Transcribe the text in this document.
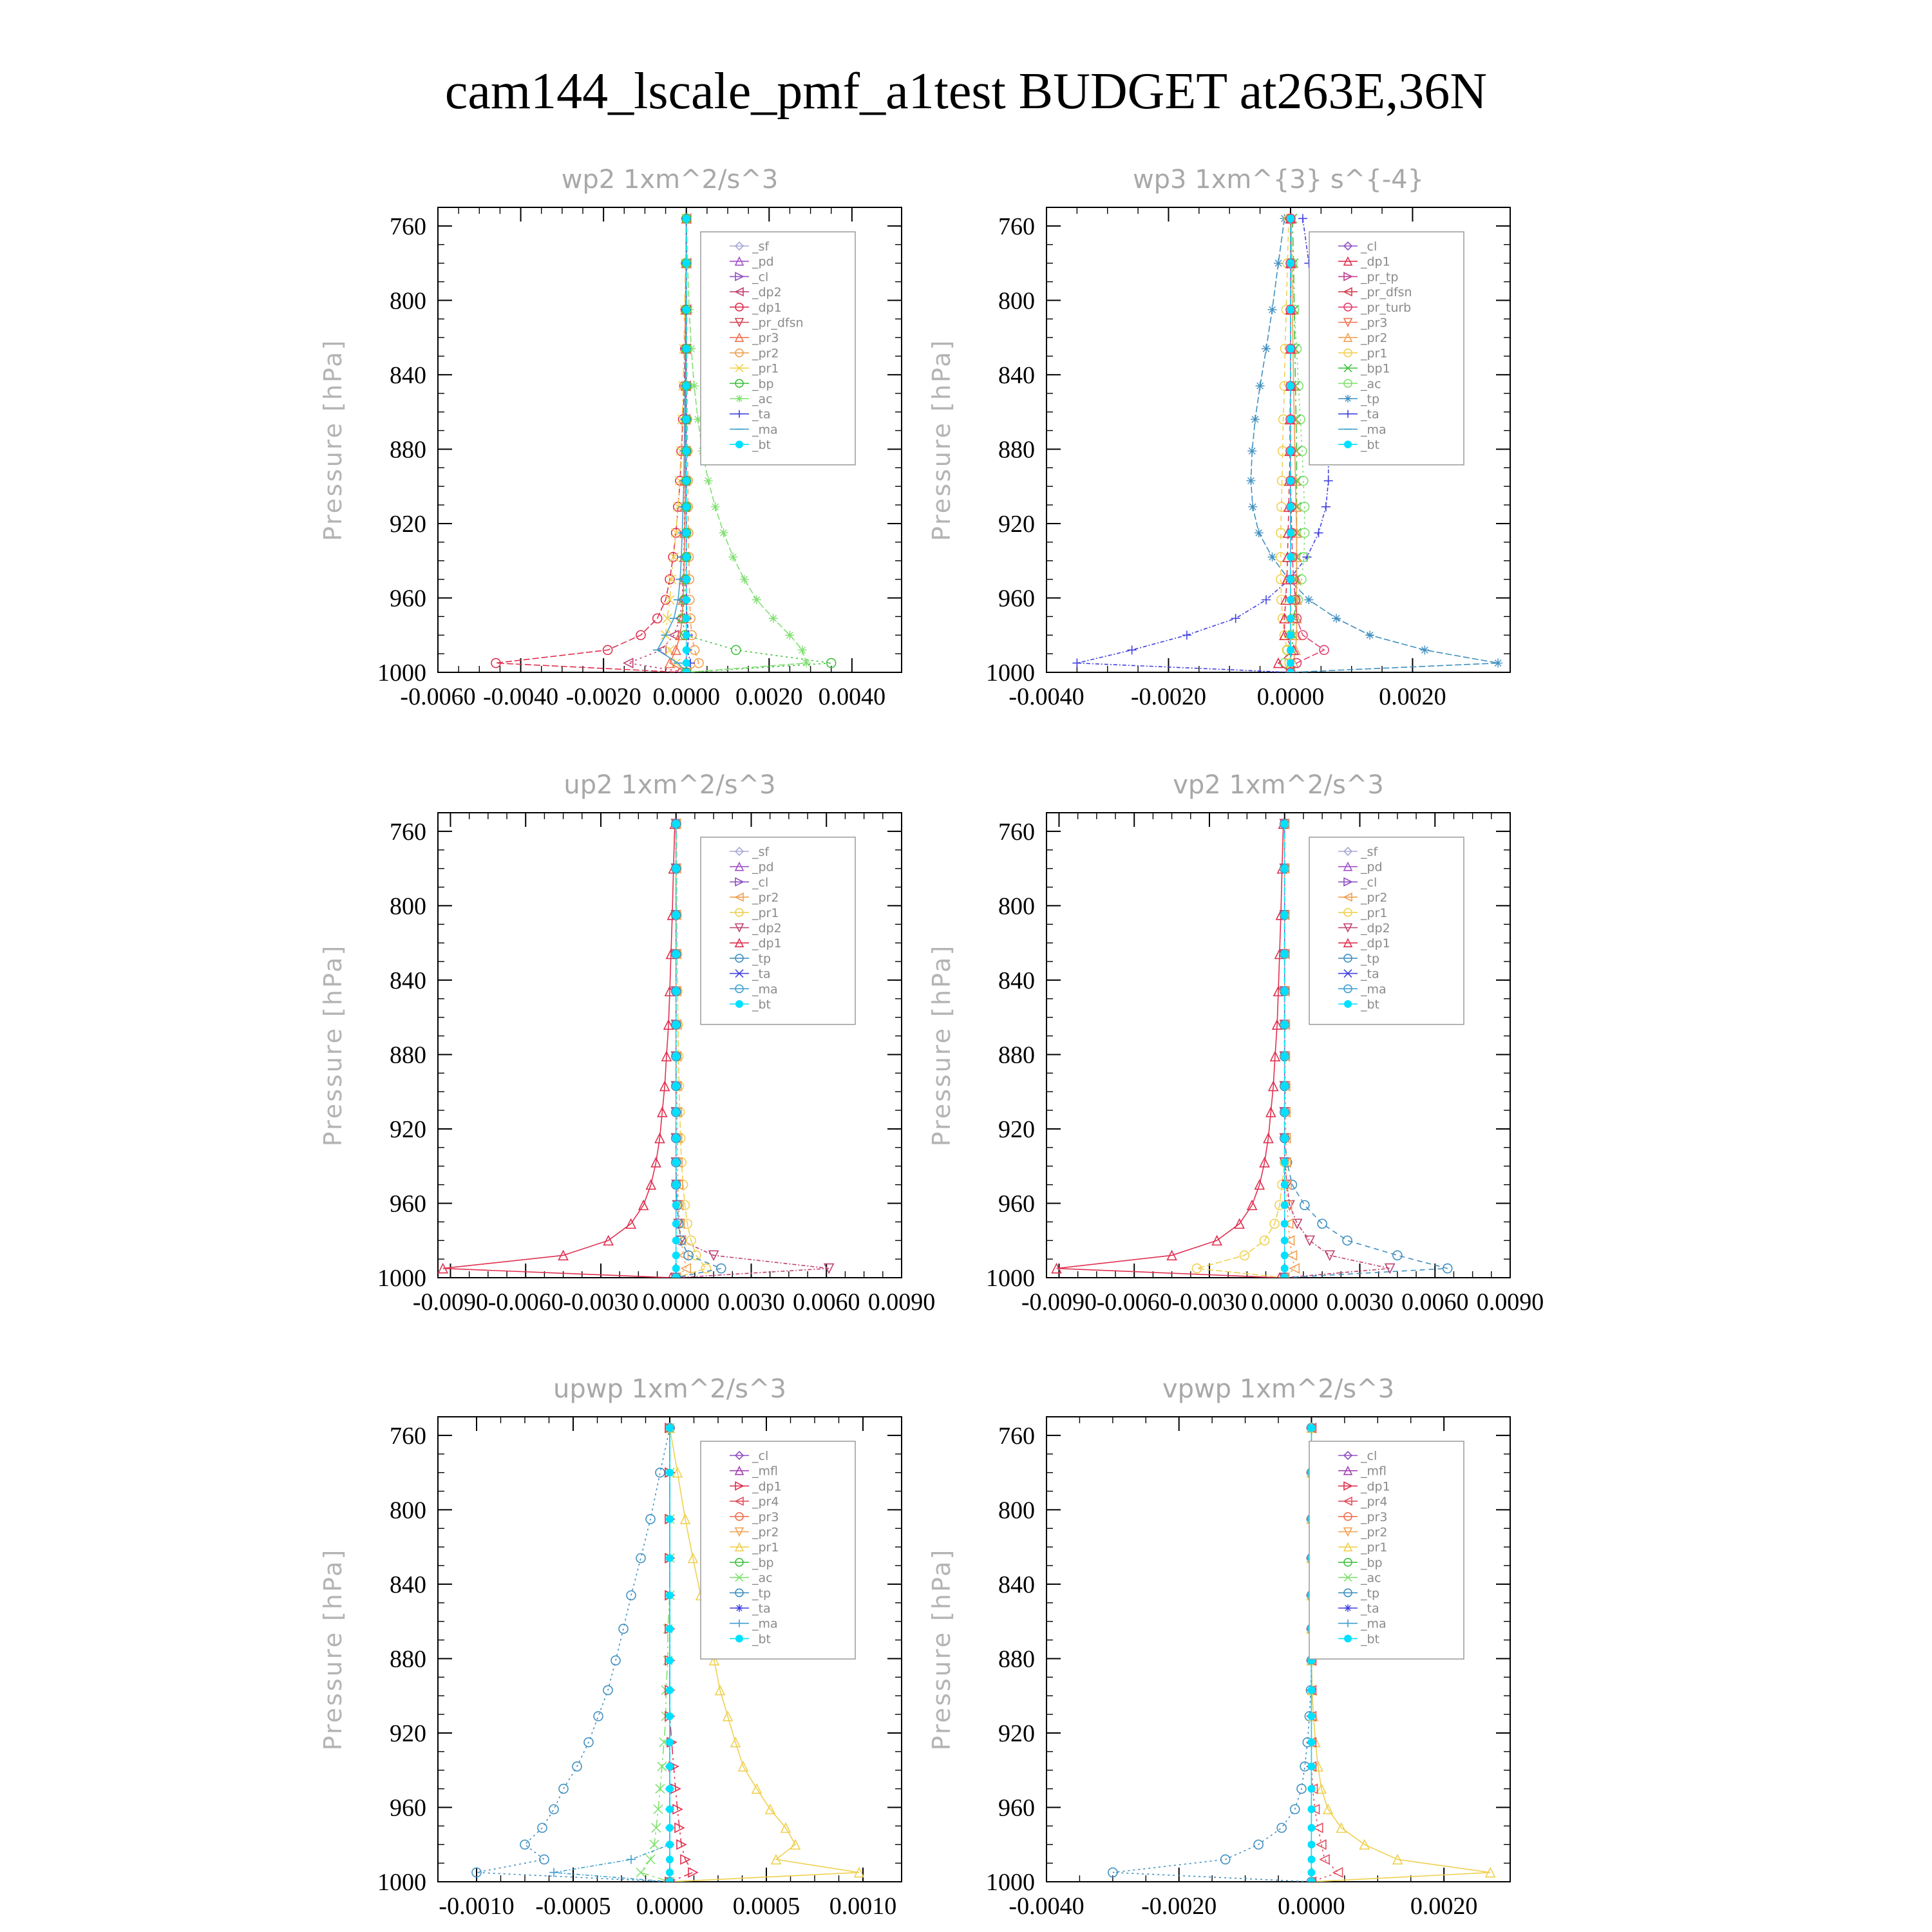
cam144_lscale_pmf_a1test BUDGET at263E,36N
wp2 1xm^2/s^3
Pressure [hPa]
760
800
840
880
920
960
1000
-0.0060 -0.0040 -0.0020 0.0000 0.0020 0.0040
_sf
_pd
_cl
_dp2
_dp1
_pr_dfsn
_pr3
_pr2
_pr1
_bp
_ac
_ta
_ma
_bt
wp3 1xm^{3} s^{-4}
Pressure [hPa]
760
800
840
880
920
960
1000
-0.0040 -0.0020 0.0000 0.0020
_cl
_dp1
_pr_tp
_pr_dfsn
_pr_turb
_pr3
_pr2
_pr1
_bp1
_ac
_tp
_ta
_ma
_bt
up2 1xm^2/s^3
Pressure [hPa]
760
800
840
880
920
960
1000
-0.0090 -0.0060 -0.0030 0.0000 0.0030 0.0060 0.0090
_sf
_pd
_cl
_pr2
_pr1
_dp2
_dp1
_tp
_ta
_ma
_bt
vp2 1xm^2/s^3
Pressure [hPa]
760
800
840
880
920
960
1000
-0.0090 -0.0060 -0.0030 0.0000 0.0030 0.0060 0.0090
_sf
_pd
_cl
_pr2
_pr1
_dp2
_dp1
_tp
_ta
_ma
_bt
upwp 1xm^2/s^3
Pressure [hPa]
760
800
840
880
920
960
1000
-0.0010 -0.0005 0.0000 0.0005 0.0010
_cl
_mfl
_dp1
_pr4
_pr3
_pr2
_pr1
_bp
_ac
_tp
_ta
_ma
_bt
vpwp 1xm^2/s^3
Pressure [hPa]
760
800
840
880
920
960
1000
-0.0040 -0.0020 0.0000	0.0020
_cl
_mfl
_dp1
_pr4
_pr3
_pr2
_pr1
_bp
_ac
_tp
_ta
_ma
_bt
